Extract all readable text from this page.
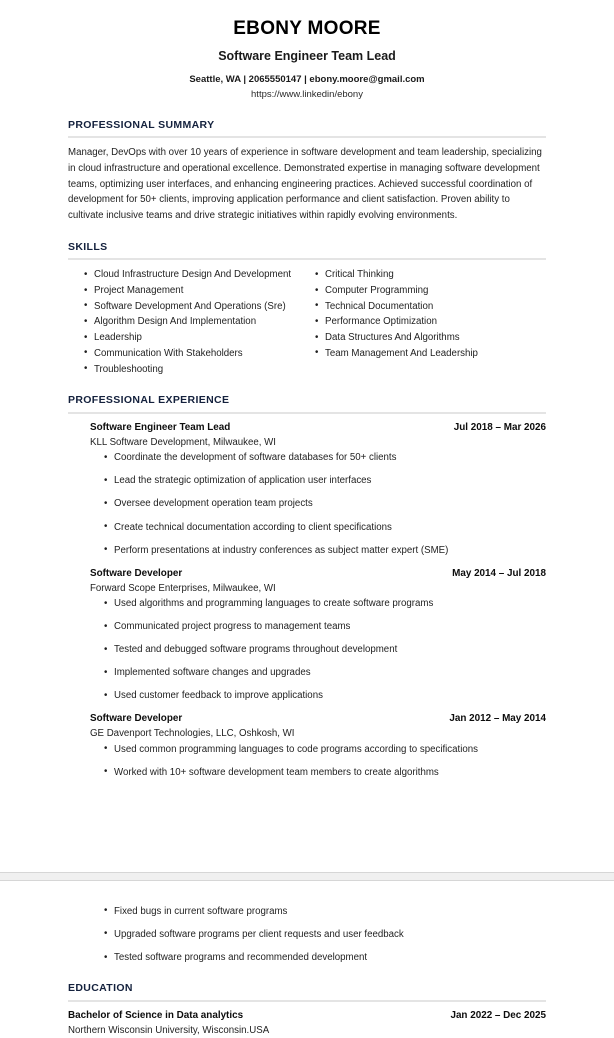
EBONY MOORE
Software Engineer Team Lead
Seattle, WA | 2065550147 | ebony.moore@gmail.com
https://www.linkedin/ebony
PROFESSIONAL SUMMARY

Manager, DevOps with over 10 years of experience in software development and team leadership, specializing in cloud infrastructure and operational excellence. Demonstrated expertise in managing software development teams, optimizing user interfaces, and enhancing engineering practices. Achieved successful coordination of development for 50+ clients, improving application performance and client satisfaction. Proven ability to cultivate inclusive teams and drive strategic initiatives within rapidly evolving environments.

SKILLS
• Cloud Infrastructure Design And Development
• Project Management
• Software Development And Operations (Sre)
• Algorithm Design And Implementation
• Leadership
• Communication With Stakeholders
• Troubleshooting
• Critical Thinking
• Computer Programming
• Technical Documentation
• Performance Optimization
• Data Structures And Algorithms
• Team Management And Leadership
PROFESSIONAL EXPERIENCE
Software Engineer Team Lead	Jul 2018 – Mar 2026
KLL Software Development, Milwaukee, WI
• Coordinate the development of software databases for 50+ clients
• Lead the strategic optimization of application user interfaces
• Oversee development operation team projects
• Create technical documentation according to client specifications
• Perform presentations at industry conferences as subject matter expert (SME)
Software Developer	May 2014 – Jul 2018
Forward Scope Enterprises, Milwaukee, WI
• Used algorithms and programming languages to create software programs
• Communicated project progress to management teams
• Tested and debugged software programs throughout development
• Implemented software changes and upgrades
• Used customer feedback to improve applications
Software Developer	Jan 2012 – May 2014
GE Davenport Technologies, LLC, Oshkosh, WI
• Used common programming languages to code programs according to specifications
• Worked with 10+ software development team members to create algorithms
• Fixed bugs in current software programs
• Upgraded software programs per client requests and user feedback
• Tested software programs and recommended development
EDUCATION
Bachelor of Science in Data analytics	Jan 2022 – Dec 2025
Northern Wisconsin University, Wisconsin.USA
